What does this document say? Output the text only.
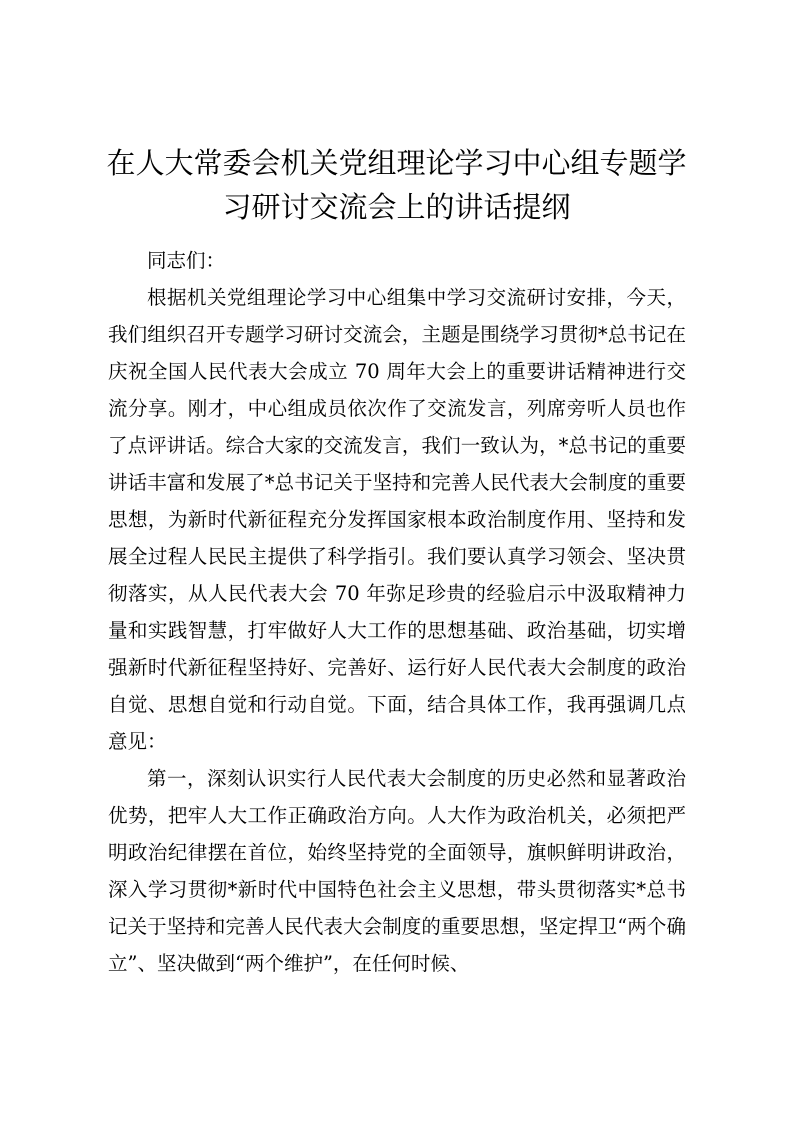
在人大常委会机关党组理论学习中心组专题学习研讨交流会上的讲话提纲

同志们：

根据机关党组理论学习中心组集中学习交流研讨安排，今天，我们组织召开专题学习研讨交流会，主题是围绕学习贯彻*总书记在庆祝全国人民代表大会成立 70 周年大会上的重要讲话精神进行交流分享。刚才，中心组成员依次作了交流发言，列席旁听人员也作了点评讲话。综合大家的交流发言，我们一致认为，*总书记的重要讲话丰富和发展了*总书记关于坚持和完善人民代表大会制度的重要思想，为新时代新征程充分发挥国家根本政治制度作用、坚持和发展全过程人民民主提供了科学指引。我们要认真学习领会、坚决贯彻落实，从人民代表大会 70 年弥足珍贵的经验启示中汲取精神力量和实践智慧，打牢做好人大工作的思想基础、政治基础，切实增强新时代新征程坚持好、完善好、运行好人民代表大会制度的政治自觉、思想自觉和行动自觉。下面，结合具体工作，我再强调几点意见：

第一，深刻认识实行人民代表大会制度的历史必然和显著政治优势，把牢人大工作正确政治方向。人大作为政治机关，必须把严明政治纪律摆在首位，始终坚持党的全面领导，旗帜鲜明讲政治，深入学习贯彻*新时代中国特色社会主义思想，带头贯彻落实*总书记关于坚持和完善人民代表大会制度的重要思想，坚定捍卫“两个确立”、坚决做到“两个维护”，在任何时候、
